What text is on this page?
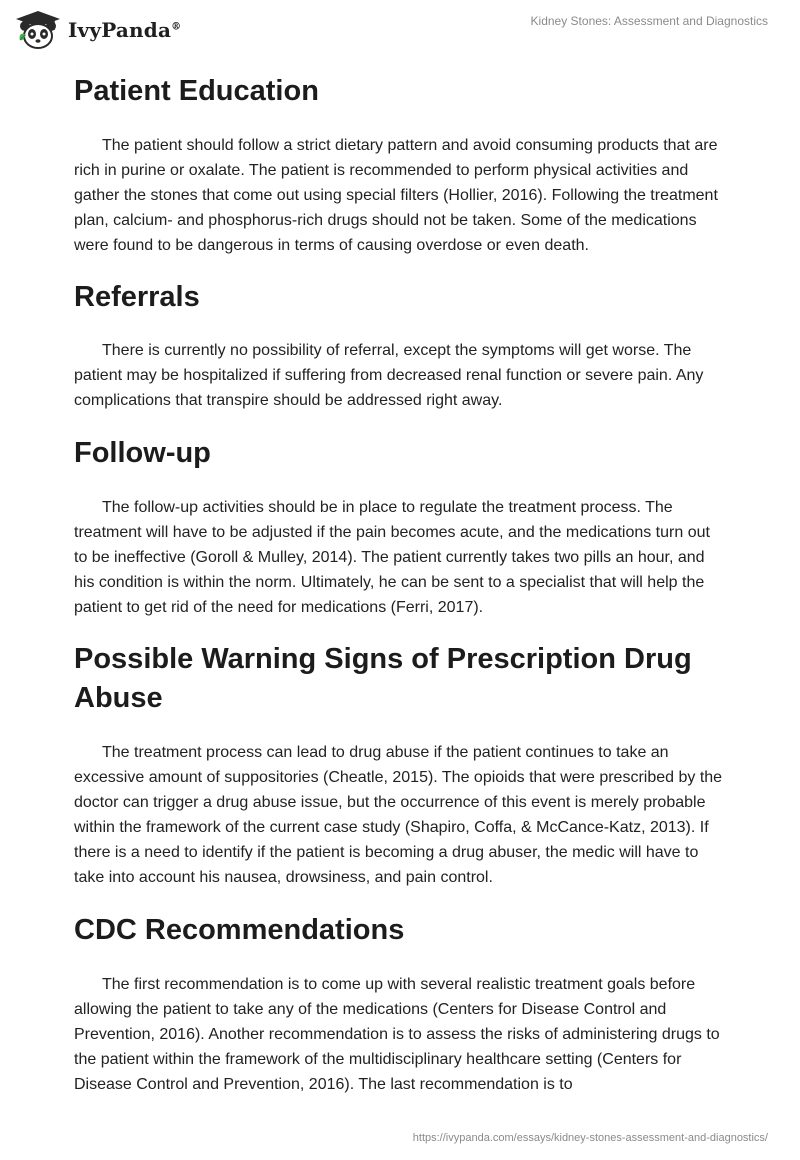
IvyPanda®	Kidney Stones: Assessment and Diagnostics
Patient Education

The patient should follow a strict dietary pattern and avoid consuming products that are rich in purine or oxalate. The patient is recommended to perform physical activities and gather the stones that come out using special filters (Hollier, 2016). Following the treatment plan, calcium- and phosphorus-rich drugs should not be taken. Some of the medications were found to be dangerous in terms of causing overdose or even death.

Referrals

There is currently no possibility of referral, except the symptoms will get worse. The patient may be hospitalized if suffering from decreased renal function or severe pain. Any complications that transpire should be addressed right away.

Follow-up

The follow-up activities should be in place to regulate the treatment process. The treatment will have to be adjusted if the pain becomes acute, and the medications turn out to be ineffective (Goroll & Mulley, 2014). The patient currently takes two pills an hour, and his condition is within the norm. Ultimately, he can be sent to a specialist that will help the patient to get rid of the need for medications (Ferri, 2017).

Possible Warning Signs of Prescription Drug Abuse

The treatment process can lead to drug abuse if the patient continues to take an excessive amount of suppositories (Cheatle, 2015). The opioids that were prescribed by the doctor can trigger a drug abuse issue, but the occurrence of this event is merely probable within the framework of the current case study (Shapiro, Coffa, & McCance-Katz, 2013). If there is a need to identify if the patient is becoming a drug abuser, the medic will have to take into account his nausea, drowsiness, and pain control.

CDC Recommendations

The first recommendation is to come up with several realistic treatment goals before allowing the patient to take any of the medications (Centers for Disease Control and Prevention, 2016). Another recommendation is to assess the risks of administering drugs to the patient within the framework of the multidisciplinary healthcare setting (Centers for Disease Control and Prevention, 2016). The last recommendation is to

https://ivypanda.com/essays/kidney-stones-assessment-and-diagnostics/
